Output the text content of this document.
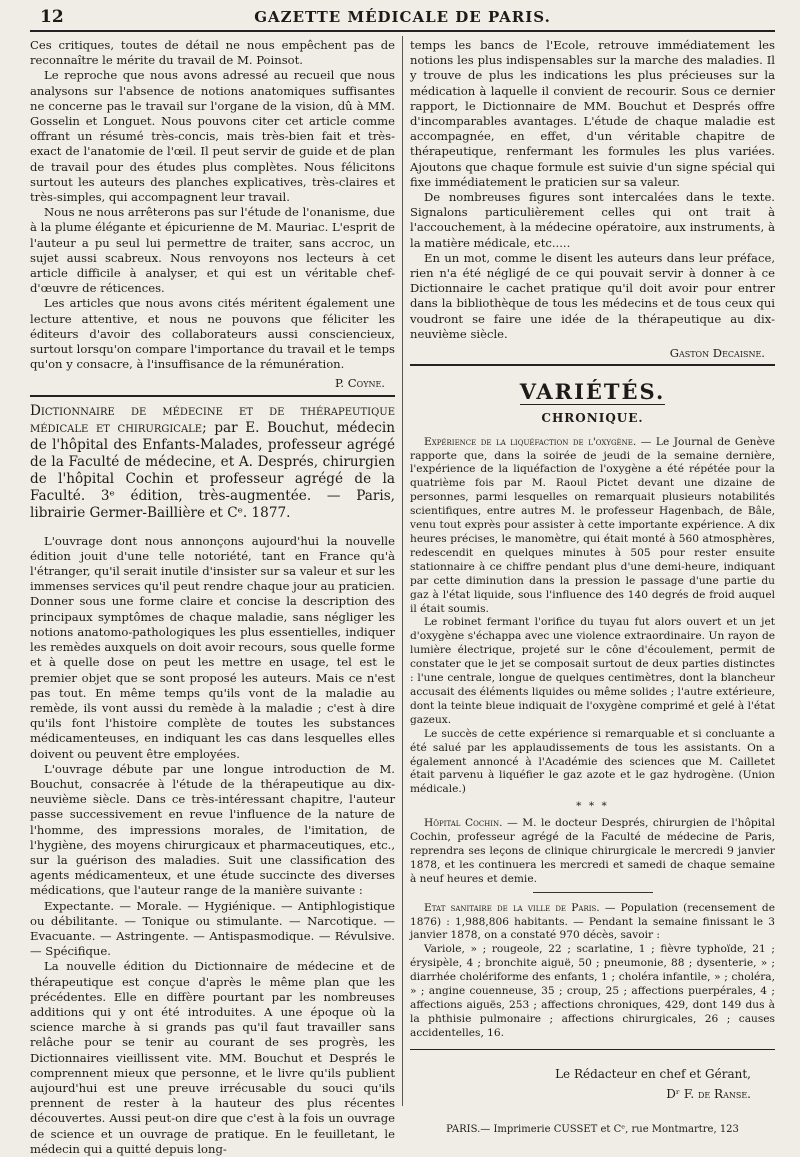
12	GAZETTE MÉDICALE DE PARIS.

Ces critiques, toutes de détail ne nous empêchent pas de reconnaître le mérite du travail de M. Poinsot.

Le reproche que nous avons adressé au recueil que nous analysons sur l'absence de notions anatomiques suffisantes ne concerne pas le travail sur l'organe de la vision, dû à MM. Gosselin et Longuet. Nous pouvons citer cet article comme offrant un résumé très-concis, mais très-bien fait et très-exact de l'anatomie de l'œil. Il peut servir de guide et de plan de travail pour des études plus complètes. Nous félicitons surtout les auteurs des planches explicatives, très-claires et très-simples, qui accompagnent leur travail.

Nous ne nous arrêterons pas sur l'étude de l'onanisme, due à la plume élégante et épicurienne de M. Mauriac. L'esprit de l'auteur a pu seul lui permettre de traiter, sans accroc, un sujet aussi scabreux. Nous renvoyons nos lecteurs à cet article difficile à analyser, et qui est un véritable chef-d'œuvre de réticences.

Les articles que nous avons cités méritent également une lecture attentive, et nous ne pouvons que féliciter les éditeurs d'avoir des collaborateurs aussi consciencieux, surtout lorsqu'on compare l'importance du travail et le temps qu'on y consacre, à l'insuffisance de la rémunération.

P. Coyne.

Dictionnaire de médecine et de thérapeutique médicale et chirurgicale; par E. Bouchut, médecin de l'hôpital des Enfants-Malades, professeur agrégé de la Faculté de médecine, et A. Després, chirurgien de l'hôpital Cochin et professeur agrégé de la Faculté. 3ᵉ édition, très-augmentée. — Paris, librairie Germer-Baillière et Cᵉ. 1877.

L'ouvrage dont nous annonçons aujourd'hui la nouvelle édition jouit d'une telle notoriété, tant en France qu'à l'étranger, qu'il serait inutile d'insister sur sa valeur et sur les immenses services qu'il peut rendre chaque jour au praticien. Donner sous une forme claire et concise la description des principaux symptômes de chaque maladie, sans négliger les notions anatomo-pathologiques les plus essentielles, indiquer les remèdes auxquels on doit avoir recours, sous quelle forme et à quelle dose on peut les mettre en usage, tel est le premier objet que se sont proposé les auteurs. Mais ce n'est pas tout. En même temps qu'ils vont de la maladie au remède, ils vont aussi du remède à la maladie ; c'est à dire qu'ils font l'histoire complète de toutes les substances médicamenteuses, en indiquant les cas dans lesquelles elles doivent ou peuvent être employées.

L'ouvrage débute par une longue introduction de M. Bouchut, consacrée à l'étude de la thérapeutique au dix-neuvième siècle. Dans ce très-intéressant chapitre, l'auteur passe successivement en revue l'influence de la nature de l'homme, des impressions morales, de l'imitation, de l'hygiène, des moyens chirurgicaux et pharmaceutiques, etc., sur la guérison des maladies. Suit une classification des agents médicamenteux, et une étude succincte des diverses médications, que l'auteur range de la manière suivante :

Expectante. — Morale. — Hygiénique. — Antiphlogistique ou débilitante. — Tonique ou stimulante. — Narcotique. — Evacuante. — Astringente. — Antispasmodique. — Révulsive. — Spécifique.

La nouvelle édition du Dictionnaire de médecine et de thérapeutique est conçue d'après le même plan que les précédentes. Elle en diffère pourtant par les nombreuses additions qui y ont été introduites. A une époque où la science marche à si grands pas qu'il faut travailler sans relâche pour se tenir au courant de ses progrès, les Dictionnaires vieillissent vite. MM. Bouchut et Després le comprennent mieux que personne, et le livre qu'ils publient aujourd'hui est une preuve irrécusable du souci qu'ils prennent de rester à la hauteur des plus récentes découvertes. Aussi peut-on dire que c'est à la fois un ouvrage de science et un ouvrage de pratique. En le feuilletant, le médecin qui a quitté depuis long-

temps les bancs de l'Ecole, retrouve immédiatement les notions les plus indispensables sur la marche des maladies. Il y trouve de plus les indications les plus précieuses sur la médication à laquelle il convient de recourir. Sous ce dernier rapport, le Dictionnaire de MM. Bouchut et Després offre d'incomparables avantages. L'étude de chaque maladie est accompagnée, en effet, d'un véritable chapitre de thérapeutique, renfermant les formules les plus variées. Ajoutons que chaque formule est suivie d'un signe spécial qui fixe immédiatement le praticien sur sa valeur.

De nombreuses figures sont intercalées dans le texte. Signalons particulièrement celles qui ont trait à l'accouchement, à la médecine opératoire, aux instruments, à la matière médicale, etc.....

En un mot, comme le disent les auteurs dans leur préface, rien n'a été négligé de ce qui pouvait servir à donner à ce Dictionnaire le cachet pratique qu'il doit avoir pour entrer dans la bibliothèque de tous les médecins et de tous ceux qui voudront se faire une idée de la thérapeutique au dix-neuvième siècle.

Gaston Decaisne.

VARIÉTÉS.
CHRONIQUE.

Expérience de la liquéfaction de l'oxygène. — Le Journal de Genève rapporte que, dans la soirée de jeudi de la semaine dernière, l'expérience de la liquéfaction de l'oxygène a été répétée pour la quatrième fois par M. Raoul Pictet devant une dizaine de personnes, parmi lesquelles on remarquait plusieurs notabilités scientifiques, entre autres M. le professeur Hagenbach, de Bâle, venu tout exprès pour assister à cette importante expérience. A dix heures précises, le manomètre, qui était monté à 560 atmosphères, redescendit en quelques minutes à 505 pour rester ensuite stationnaire à ce chiffre pendant plus d'une demi-heure, indiquant par cette diminution dans la pression le passage d'une partie du gaz à l'état liquide, sous l'influence des 140 degrés de froid auquel il était soumis.

Le robinet fermant l'orifice du tuyau fut alors ouvert et un jet d'oxygène s'échappa avec une violence extraordinaire. Un rayon de lumière électrique, projeté sur le cône d'écoulement, permit de constater que le jet se composait surtout de deux parties distinctes : l'une centrale, longue de quelques centimètres, dont la blancheur accusait des éléments liquides ou même solides ; l'autre extérieure, dont la teinte bleue indiquait de l'oxygène comprimé et gelé à l'état gazeux.

Le succès de cette expérience si remarquable et si concluante a été salué par les applaudissements de tous les assistants. On a également annoncé à l'Académie des sciences que M. Cailletet était parvenu à liquéfier le gaz azote et le gaz hydrogène. (Union médicale.)

* * *

Hôpital Cochin. — M. le docteur Després, chirurgien de l'hôpital Cochin, professeur agrégé de la Faculté de médecine de Paris, reprendra ses leçons de clinique chirurgicale le mercredi 9 janvier 1878, et les continuera les mercredi et samedi de chaque semaine à neuf heures et demie.

Etat sanitaire de la ville de Paris. — Population (recensement de 1876) : 1,988,806 habitants. — Pendant la semaine finissant le 3 janvier 1878, on a constaté 970 décès, savoir :

Variole, » ; rougeole, 22 ; scarlatine, 1 ; fièvre typhoïde, 21 ; érysipèle, 4 ; bronchite aiguë, 50 ; pneumonie, 88 ; dysenterie, » ; diarrhée cholériforme des enfants, 1 ; choléra infantile, » ; choléra, » ; angine couenneuse, 35 ; croup, 25 ; affections puerpérales, 4 ; affections aiguës, 253 ; affections chroniques, 429, dont 149 dus à la phthisie pulmonaire ; affections chirurgicales, 26 ; causes accidentelles, 16.

Le Rédacteur en chef et Gérant,
Dʳ F. de Ranse.

PARIS.— Imprimerie CUSSET et Cᵉ, rue Montmartre, 123
